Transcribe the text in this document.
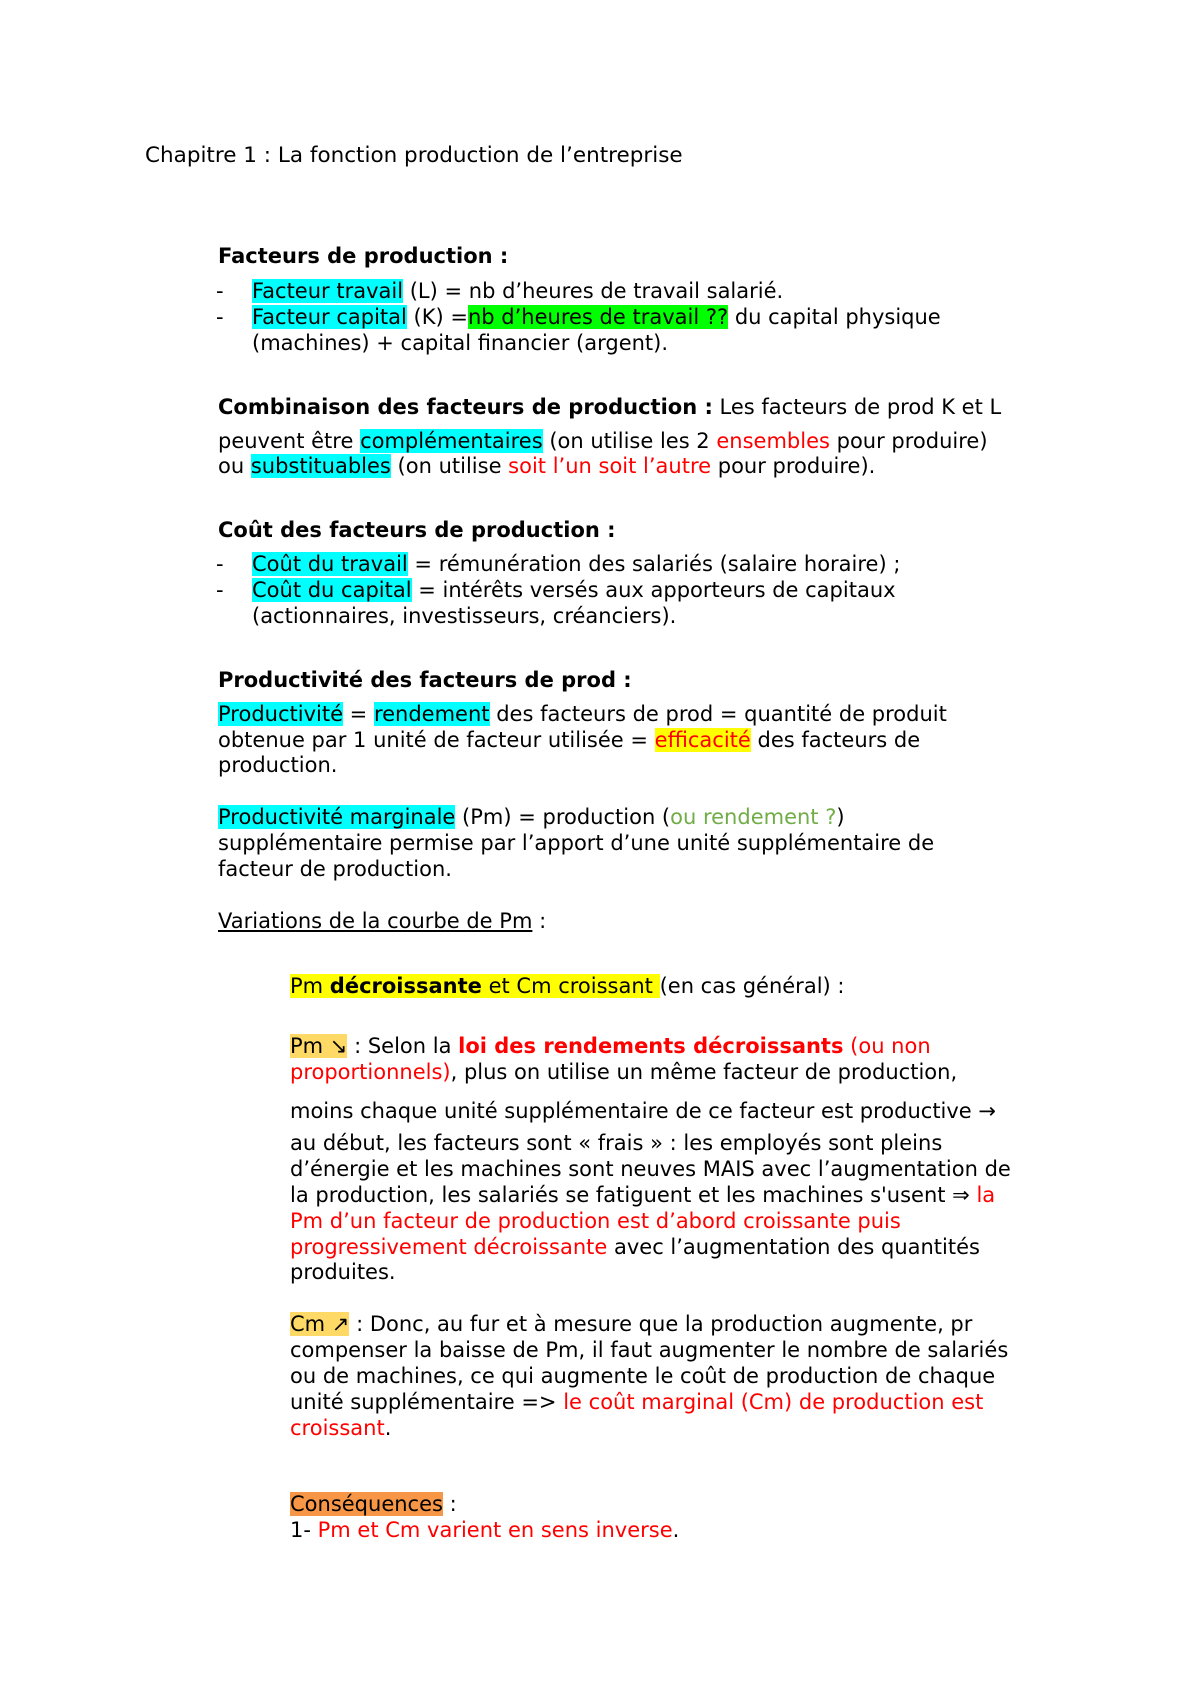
Chapitre 1 : La fonction production de l’entreprise
Facteurs de production :
- Facteur travail (L) = nb d’heures de travail salarié.
- Facteur capital (K) =nb d’heures de travail ?? du capital physique
(machines) + capital financier (argent).
Combinaison des facteurs de production : Les facteurs de prod K et L
peuvent être complémentaires (on utilise les 2 ensembles pour produire)
ou substituables (on utilise soit l’un soit l’autre pour produire).
Coût des facteurs de production :
- Coût du travail = rémunération des salariés (salaire horaire) ;
- Coût du capital = intérêts versés aux apporteurs de capitaux
(actionnaires, investisseurs, créanciers).
Productivité des facteurs de prod :
Productivité = rendement des facteurs de prod = quantité de produit
obtenue par 1 unité de facteur utilisée = efficacité des facteurs de
production.
Productivité marginale (Pm) = production (ou rendement ?)
supplémentaire permise par l’apport d’une unité supplémentaire de
facteur de production.
Variations de la courbe de Pm :
Pm décroissante et Cm croissant (en cas général) :
Pm ↘ : Selon la loi des rendements décroissants (ou non
proportionnels), plus on utilise un même facteur de production,
moins chaque unité supplémentaire de ce facteur est productive →
au début, les facteurs sont « frais » : les employés sont pleins
d’énergie et les machines sont neuves MAIS avec l’augmentation de
la production, les salariés se fatiguent et les machines s'usent ⇒ la
Pm d’un facteur de production est d’abord croissante puis
progressivement décroissante avec l’augmentation des quantités
produites.
Cm ↗ : Donc, au fur et à mesure que la production augmente, pr
compenser la baisse de Pm, il faut augmenter le nombre de salariés
ou de machines, ce qui augmente le coût de production de chaque
unité supplémentaire => le coût marginal (Cm) de production est
croissant.
Conséquences :
1- Pm et Cm varient en sens inverse.
